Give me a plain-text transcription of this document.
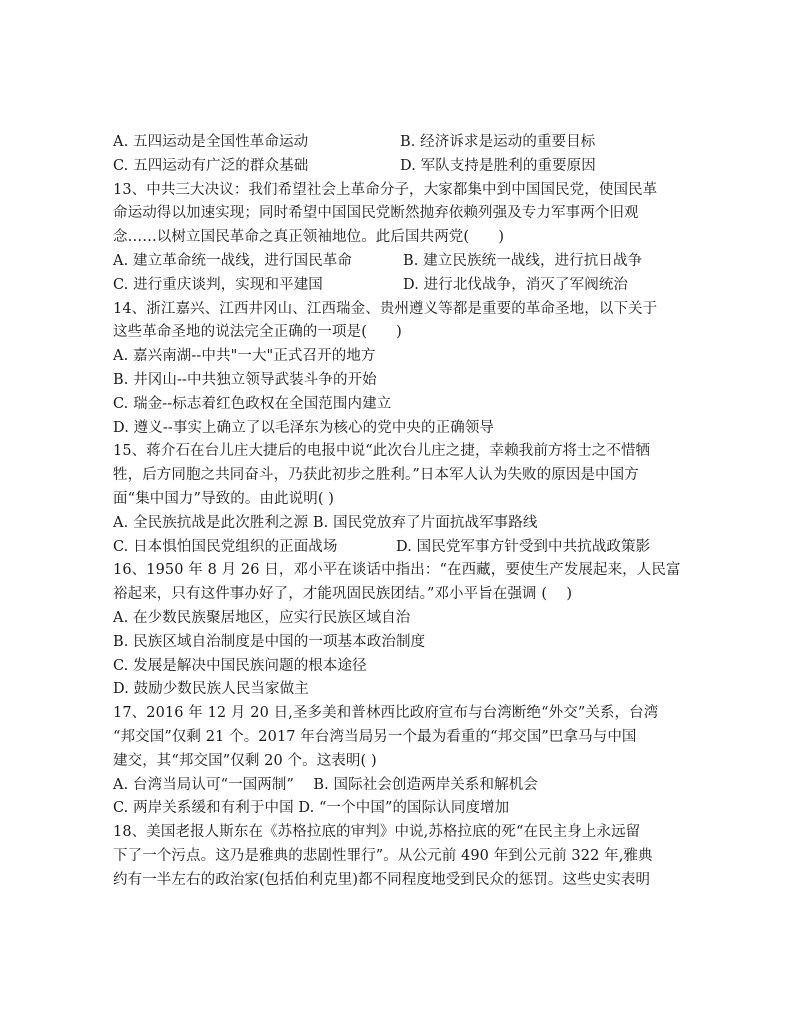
A. 五四运动是全国性革命运动	B. 经济诉求是运动的重要目标
C. 五四运动有广泛的群众基础	D. 军队支持是胜利的重要原因
13、中共三大决议：我们希望社会上革命分子，大家都集中到中国国民党，使国民革
命运动得以加速实现；同时希望中国国民党断然抛弃依赖列强及专力军事两个旧观
念……以树立国民革命之真正领袖地位。此后国共两党(　　)
A. 建立革命统一战线，进行国民革命	B. 建立民族统一战线，进行抗日战争
C. 进行重庆谈判，实现和平建国	D. 进行北伐战争，消灭了军阀统治
14、浙江嘉兴、江西井冈山、江西瑞金、贵州遵义等都是重要的革命圣地，以下关于
这些革命圣地的说法完全正确的一项是(　　)
A. 嘉兴南湖--中共"一大"正式召开的地方
B. 井冈山--中共独立领导武装斗争的开始
C. 瑞金--标志着红色政权在全国范围内建立
D. 遵义--事实上确立了以毛泽东为核心的党中央的正确领导
15、蒋介石在台儿庄大捷后的电报中说“此次台儿庄之捷，幸赖我前方将士之不惜牺
牲，后方同胞之共同奋斗，乃获此初步之胜利。”日本军人认为失败的原因是中国方
面“集中国力”导致的。由此说明( )
A. 全民族抗战是此次胜利之源 B. 国民党放弃了片面抗战军事路线
C. 日本惧怕国民党组织的正面战场	D. 国民党军事方针受到中共抗战政策影
16、1950 年 8 月 26 日，邓小平在谈话中指出：“在西藏，要使生产发展起来，人民富
裕起来，只有这件事办好了，才能巩固民族团结。”邓小平旨在强调 (　 )
A. 在少数民族聚居地区，应实行民族区域自治
B. 民族区域自治制度是中国的一项基本政治制度
C. 发展是解决中国民族问题的根本途径
D. 鼓励少数民族人民当家做主
17、2016 年 12 月 20 日,圣多美和普林西比政府宣布与台湾断绝“外交”关系，台湾
“邦交国”仅剩 21 个。2017 年台湾当局另一个最为看重的“邦交国”巴拿马与中国
建交，其“邦交国”仅剩 20 个。这表明( )
A. 台湾当局认可“一国两制” 　B. 国际社会创造两岸关系和解机会
C. 两岸关系缓和有利于中国 D. “一个中国”的国际认同度增加
18、美国老报人斯东在《苏格拉底的审判》中说,苏格拉底的死“在民主身上永远留
下了一个污点。这乃是雅典的悲剧性罪行”。从公元前 490 年到公元前 322 年,雅典
约有一半左右的政治家(包括伯利克里)都不同程度地受到民众的惩罚。这些史实表明
